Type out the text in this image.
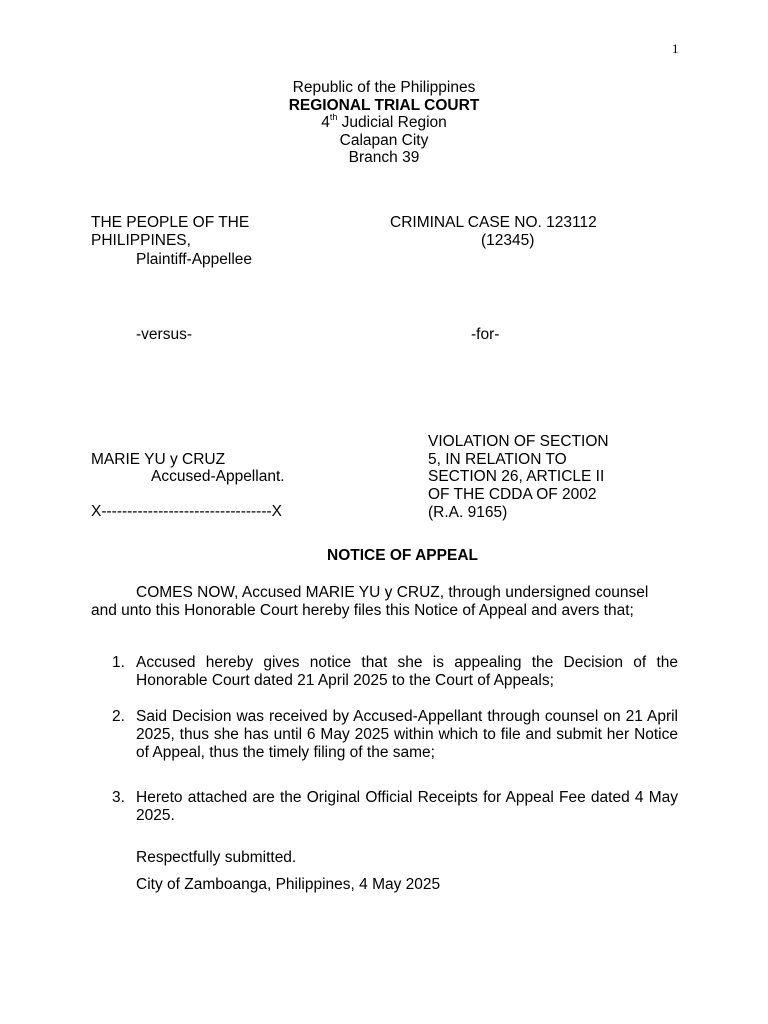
1
Republic of the Philippines
REGIONAL TRIAL COURT
4th Judicial Region
Calapan City
Branch 39
THE PEOPLE OF THE
PHILIPPINES,
Plaintiff-Appellee
-versus-
MARIE YU y CRUZ
Accused-Appellant.
X---------------------------------X
CRIMINAL CASE NO. 123112
(12345)
-for-
VIOLATION OF SECTION
5, IN RELATION TO
SECTION 26, ARTICLE II
OF THE CDDA OF 2002
(R.A. 9165)
NOTICE OF APPEAL
COMES NOW, Accused MARIE YU y CRUZ, through undersigned counsel and unto this Honorable Court hereby files this Notice of Appeal and avers that;
1. Accused hereby gives notice that she is appealing the Decision of the Honorable Court dated 21 April 2025 to the Court of Appeals;
2. Said Decision was received by Accused-Appellant through counsel on 21 April 2025, thus she has until 6 May 2025 within which to file and submit her Notice of Appeal, thus the timely filing of the same;
3. Hereto attached are the Original Official Receipts for Appeal Fee dated 4 May 2025.
Respectfully submitted.
City of Zamboanga, Philippines, 4 May 2025
